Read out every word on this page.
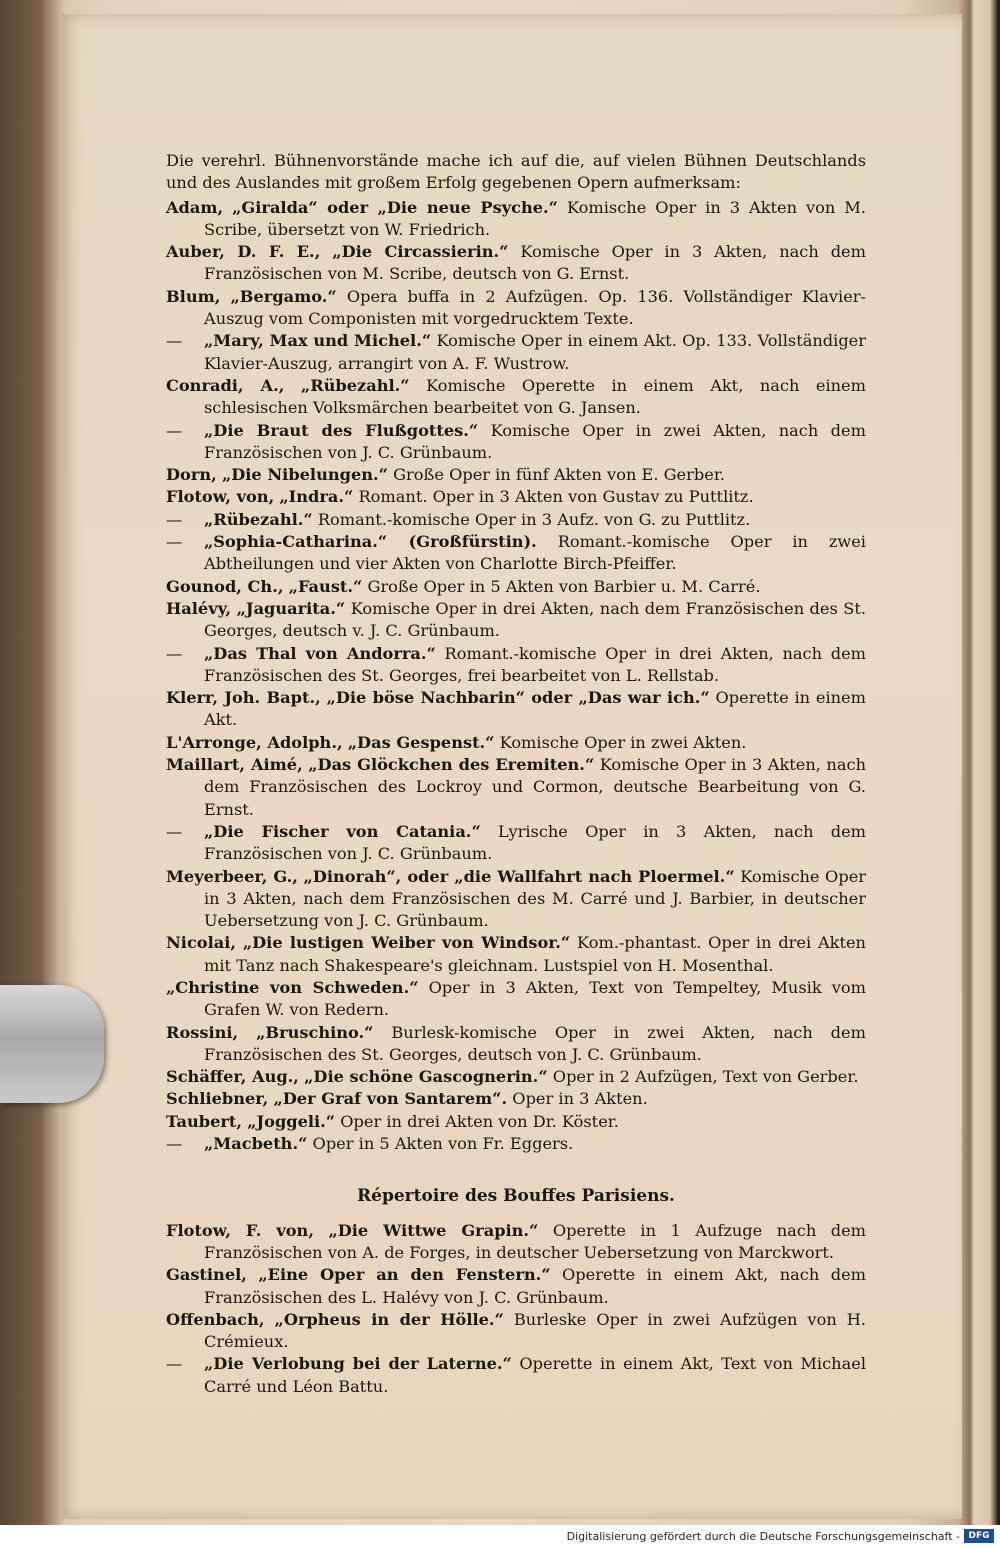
Die verehrl. Bühnenvorstände mache ich auf die, auf vielen Bühnen Deutschlands und des Auslandes mit großem Erfolg gegebenen Opern aufmerksam:

Adam, „Giralda“ oder „Die neue Psyche.“ Komische Oper in 3 Akten von M. Scribe, übersetzt von W. Friedrich.

Auber, D. F. E., „Die Circassierin.“ Komische Oper in 3 Akten, nach dem Französischen von M. Scribe, deutsch von G. Ernst.

Blum, „Bergamo.“ Opera buffa in 2 Aufzügen. Op. 136. Vollständiger Klavier-Auszug vom Componisten mit vorgedrucktem Texte.

— „Mary, Max und Michel.“ Komische Oper in einem Akt. Op. 133. Vollständiger Klavier-Auszug, arrangirt von A. F. Wustrow.

Conradi, A., „Rübezahl.“ Komische Operette in einem Akt, nach einem schlesischen Volksmärchen bearbeitet von G. Jansen.

— „Die Braut des Flußgottes.“ Komische Oper in zwei Akten, nach dem Französischen von J. C. Grünbaum.

Dorn, „Die Nibelungen.“ Große Oper in fünf Akten von E. Gerber.

Flotow, von, „Indra.“ Romant. Oper in 3 Akten von Gustav zu Puttlitz.

— „Rübezahl.“ Romant.-komische Oper in 3 Aufz. von G. zu Puttlitz.

— „Sophia-Catharina.“ (Großfürstin). Romant.-komische Oper in zwei Abtheilungen und vier Akten von Charlotte Birch-Pfeiffer.

Gounod, Ch., „Faust.“ Große Oper in 5 Akten von Barbier u. M. Carré.

Halévy, „Jaguarita.“ Komische Oper in drei Akten, nach dem Französischen des St. Georges, deutsch v. J. C. Grünbaum.

— „Das Thal von Andorra.“ Romant.-komische Oper in drei Akten, nach dem Französischen des St. Georges, frei bearbeitet von L. Rellstab.

Klerr, Joh. Bapt., „Die böse Nachbarin“ oder „Das war ich.“ Operette in einem Akt.

L'Arronge, Adolph., „Das Gespenst.“ Komische Oper in zwei Akten.

Maillart, Aimé, „Das Glöckchen des Eremiten.“ Komische Oper in 3 Akten, nach dem Französischen des Lockroy und Cormon, deutsche Bearbeitung von G. Ernst.

— „Die Fischer von Catania.“ Lyrische Oper in 3 Akten, nach dem Französischen von J. C. Grünbaum.

Meyerbeer, G., „Dinorah“, oder „die Wallfahrt nach Ploermel.“ Komische Oper in 3 Akten, nach dem Französischen des M. Carré und J. Barbier, in deutscher Uebersetzung von J. C. Grünbaum.

Nicolai, „Die lustigen Weiber von Windsor.“ Kom.-phantast. Oper in drei Akten mit Tanz nach Shakespeare's gleichnam. Lustspiel von H. Mosenthal.

„Christine von Schweden.“ Oper in 3 Akten, Text von Tempeltey, Musik vom Grafen W. von Redern.

Rossini, „Bruschino.“ Burlesk-komische Oper in zwei Akten, nach dem Französischen des St. Georges, deutsch von J. C. Grünbaum.

Schäffer, Aug., „Die schöne Gascognerin.“ Oper in 2 Aufzügen, Text von Gerber.

Schliebner, „Der Graf von Santarem“. Oper in 3 Akten.

Taubert, „Joggeli.“ Oper in drei Akten von Dr. Köster.

— „Macbeth.“ Oper in 5 Akten von Fr. Eggers.

Répertoire des Bouffes Parisiens.

Flotow, F. von, „Die Wittwe Grapin.“ Operette in 1 Aufzuge nach dem Französischen von A. de Forges, in deutscher Uebersetzung von Marckwort.

Gastinel, „Eine Oper an den Fenstern.“ Operette in einem Akt, nach dem Französischen des L. Halévy von J. C. Grünbaum.

Offenbach, „Orpheus in der Hölle.“ Burleske Oper in zwei Aufzügen von H. Crémieux.

— „Die Verlobung bei der Laterne.“ Operette in einem Akt, Text von Michael Carré und Léon Battu.

Digitalisierung gefördert durch die Deutsche Forschungsgemeinschaft - DFG
